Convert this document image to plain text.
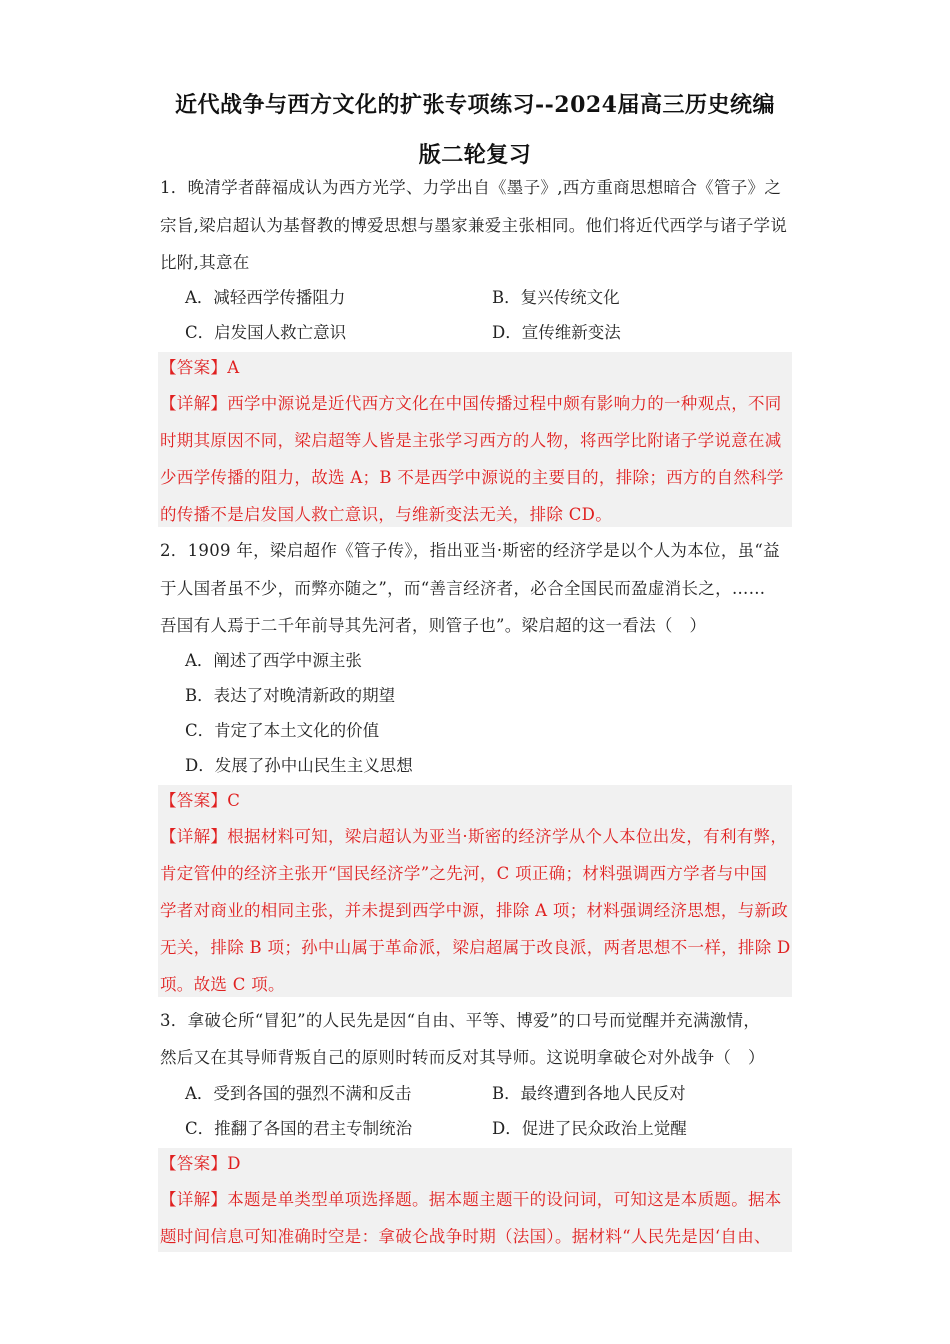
近代战争与西方文化的扩张专项练习--2024届高三历史统编
版二轮复习
1．晚清学者薛福成认为西方光学、力学出自《墨子》,西方重商思想暗合《管子》之
宗旨,梁启超认为基督教的博爱思想与墨家兼爱主张相同。他们将近代西学与诸子学说
比附,其意在
A．减轻西学传播阻力	B．复兴传统文化
C．启发国人救亡意识	D．宣传维新变法
【答案】A
【详解】西学中源说是近代西方文化在中国传播过程中颇有影响力的一种观点，不同
时期其原因不同，梁启超等人皆是主张学习西方的人物，将西学比附诸子学说意在减
少西学传播的阻力，故选 A；B 不是西学中源说的主要目的，排除；西方的自然科学
的传播不是启发国人救亡意识，与维新变法无关，排除 CD。
2．1909 年，梁启超作《管子传》，指出亚当·斯密的经济学是以个人为本位，虽“益
于人国者虽不少，而弊亦随之”，而“善言经济者，必合全国民而盈虚消长之，……
吾国有人焉于二千年前导其先河者，则管子也”。梁启超的这一看法（　）
A．阐述了西学中源主张
B．表达了对晚清新政的期望
C．肯定了本土文化的价值
D．发展了孙中山民生主义思想
【答案】C
【详解】根据材料可知，梁启超认为亚当·斯密的经济学从个人本位出发，有利有弊，
肯定管仲的经济主张开“国民经济学”之先河，C 项正确；材料强调西方学者与中国
学者对商业的相同主张，并未提到西学中源，排除 A 项；材料强调经济思想，与新政
无关，排除 B 项；孙中山属于革命派，梁启超属于改良派，两者思想不一样，排除 D
项。故选 C 项。
3．拿破仑所“冒犯”的人民先是因“自由、平等、博爱”的口号而觉醒并充满激情，
然后又在其导师背叛自己的原则时转而反对其导师。这说明拿破仑对外战争（　）
A．受到各国的强烈不满和反击	B．最终遭到各地人民反对
C．推翻了各国的君主专制统治	D．促进了民众政治上觉醒
【答案】D
【详解】本题是单类型单项选择题。据本题主题干的设问词，可知这是本质题。据本
题时间信息可知准确时空是：拿破仑战争时期（法国）。据材料“人民先是因‘自由、
